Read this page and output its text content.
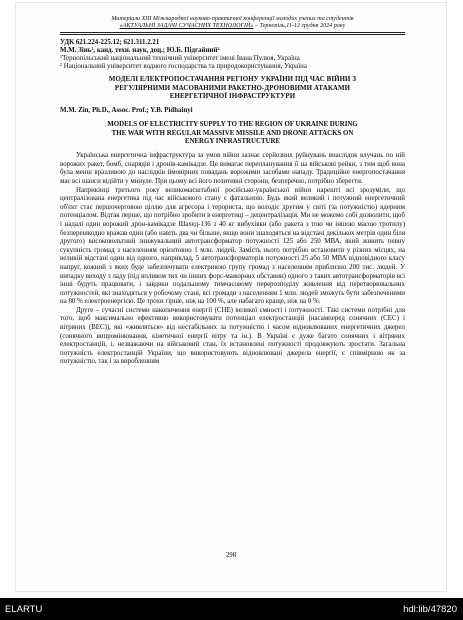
Матеріали XIII Міжнародної науково-практичної конференції молодих учених та студентів
«АКТУАЛЬНІ ЗАДАЧІ СУЧАСНИХ ТЕХНОЛОГІЙ» – Тернопіль,11-12 грудня 2024 року
УДК 621.224-225.12; 621.311.2.21
М.М. Зінь¹, канд. техн. наук, доц.; Ю.Б. Підгайний²
¹Тернопільський національний технічний університет імені Івана Пулюя, Україна
² Національний університет водного господарства та природокористування, Україна
МОДЕЛІ ЕЛЕКТРОПОСТАЧАННЯ РЕГІОНУ УКРАЇНИ ПІД ЧАС ВІЙНИ З
РЕГУЛЯРНИМИ МАСОВАНИМИ РАКЕТНО-ДРОНОВИМИ АТАКАМИ
ЕНЕРГЕТИЧНОЇ ІНФРАСТРУКТУРИ
M.M. Zin, Ph.D., Assoc. Prof.; Y.B. Pidhainyi
MODELS OF ELECTRICITY SUPPLY TO THE REGION OF UKRAINE DURING
THE WAR WITH REGULAR MASSIVE MISSILE AND DRONE ATTACKS ON
ENERGY INFRASTRUCTURE

Українська енергетична інфраструктура за умов війни зазнає серйозних руйнувань внаслідок влучань по ній ворожих ракет, бомб, снарядів і дронів-камікадзе. Це вимагає перепланування її на військові рейки, з тим щоб вона була менш вразливою до наслідків ймовірних повадань ворожими засобами нападу. Традиційне енергопостачання має всі шанси відійти у минуле. При цьому всі його позитивні сторони, безперечно, потрібно зберегти.

Наприкінці третього року великомасштабної російсько-української війни нарешті всі зрозуміли, що централізована енергетика під час військового стану є фатальною. Будь який великий і потужний енергетичний об'єкт стає першочерговою ціллю для агресора і терориста, що володіє другим у світі (за потужністю) ядерним потенціалом. Відтак першe, що потрібно зробити в енергетиці – децентралізація. Ми не можемо собі дозволити, щоб і надалі один ворожий дрон-камікадзе Шахед-136 з 40 кг вибухівки (або ракета з тою чи іншою масою тротилу) безперешкодно вражав один (або навіть два чи більше, якщо вони знаходяться на відстані декількох метрів один біля другого) високовольтний знижувальний автотрансформатор потужності 125 або 250 МВА, який живить певну сукупність громад з населенням орієнтовно 1 млн. людей. Замість нього потрібно встановити у різних місцях, на великій відстані один від одного, наприклад, 5 автотрансформаторів потужності 25 або 50 МВА відповідного класу напруг, кожний з яких буде забезпечувати електрикою групу громад з населенням приблизно 200 тис. людей. У випадку виходу з ладу (під впливом тих чи інших форс-мажорних обставин) одного з таких автотрансформаторів всі інші будуть працювати, і завдяки подальшому тимчасовому перерозподілу живлення від перетворювальних потужностей, які знаходяться у робочому стані, всі громади з населенням 1 млн. людей зможуть бути забезпеченими на 80 % електроенергією. Це трохи гірше, ніж на 100 %, але набагато краще, ніж на 0 %.

Друге – сучасні системи накопичення енергії (СНЕ) великої ємності і потужності. Такі системи потрібні для того, щоб максимально ефективно використовувати потенціал електростанцій (насамперед сонячних (СЕС) і вітряних (ВЕС)), які «живляться» від нестабільних за потужністю і часом відновлюваних енергетичних джерел (сонячного випромінювання, кінетичної енергії вітру та ін.). В Україні є дуже багато сонячних і вітряних електростанцій, і, незважаючи на військовий стан, їх встановлені потужності продовжують зростати. Загальна потужність електростанцій України, що використовують відновлювані джерела енергії, є співмірною як за потужністю, так і за виробленням

298
ELARTU	hdl:lib/47820
